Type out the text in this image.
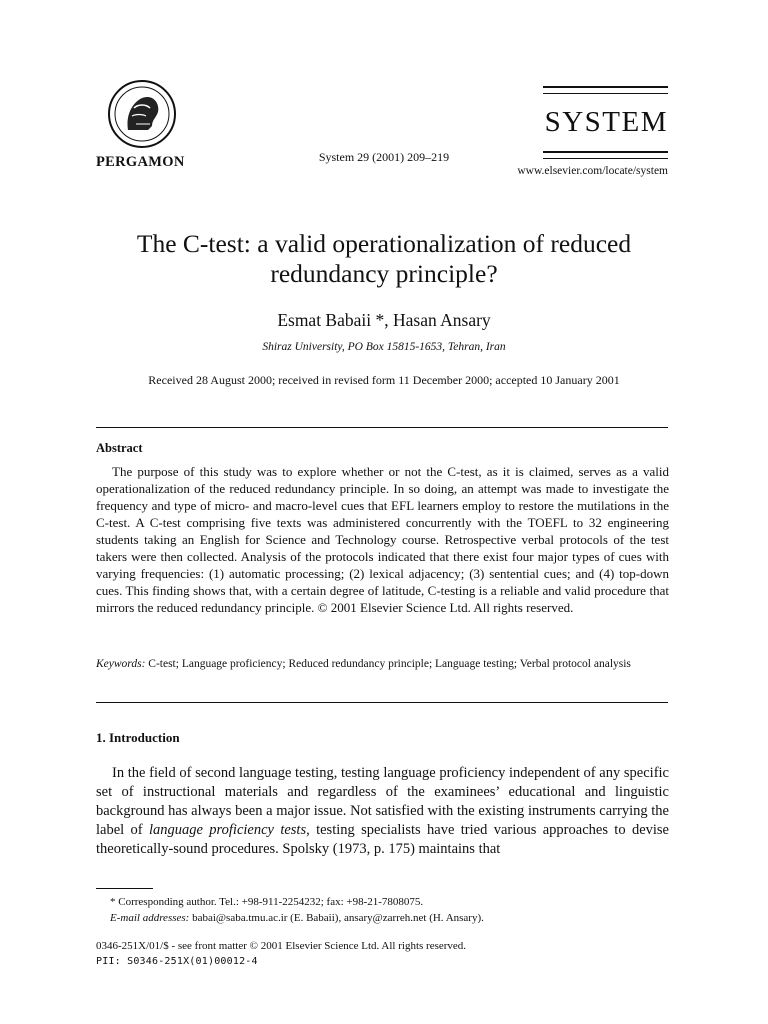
PERGAMON	System 29 (2001) 209–219
SYSTEM
www.elsevier.com/locate/system
The C-test: a valid operationalization of reduced
redundancy principle?
Esmat Babaii *, Hasan Ansary
Shiraz University, PO Box 15815-1653, Tehran, Iran
Received 28 August 2000; received in revised form 11 December 2000; accepted 10 January 2001
Abstract

The purpose of this study was to explore whether or not the C-test, as it is claimed, serves as a valid operationalization of the reduced redundancy principle. In so doing, an attempt was made to investigate the frequency and type of micro- and macro-level cues that EFL learners employ to restore the mutilations in the C-test. A C-test comprising five texts was administered concurrently with the TOEFL to 32 engineering students taking an English for Science and Technology course. Retrospective verbal protocols of the test takers were then collected. Analysis of the protocols indicated that there exist four major types of cues with varying frequencies: (1) automatic processing; (2) lexical adjacency; (3) sentential cues; and (4) top-down cues. This finding shows that, with a certain degree of latitude, C-testing is a reliable and valid procedure that mirrors the reduced redundancy principle. © 2001 Elsevier Science Ltd. All rights reserved.

Keywords: C-test; Language proficiency; Reduced redundancy principle; Language testing; Verbal protocol analysis
1. Introduction

In the field of second language testing, testing language proficiency independent of any specific set of instructional materials and regardless of the examinees’ educational and linguistic background has always been a major issue. Not satisfied with the existing instruments carrying the label of language proficiency tests, testing specialists have tried various approaches to devise theoretically-sound procedures. Spolsky (1973, p. 175) maintains that

* Corresponding author. Tel.: +98-911-2254232; fax: +98-21-7808075.
E-mail addresses: babai@saba.tmu.ac.ir (E. Babaii), ansary@zarreh.net (H. Ansary).
0346-251X/01/$ - see front matter © 2001 Elsevier Science Ltd. All rights reserved.
PII: S0346-251X(01)00012-4
